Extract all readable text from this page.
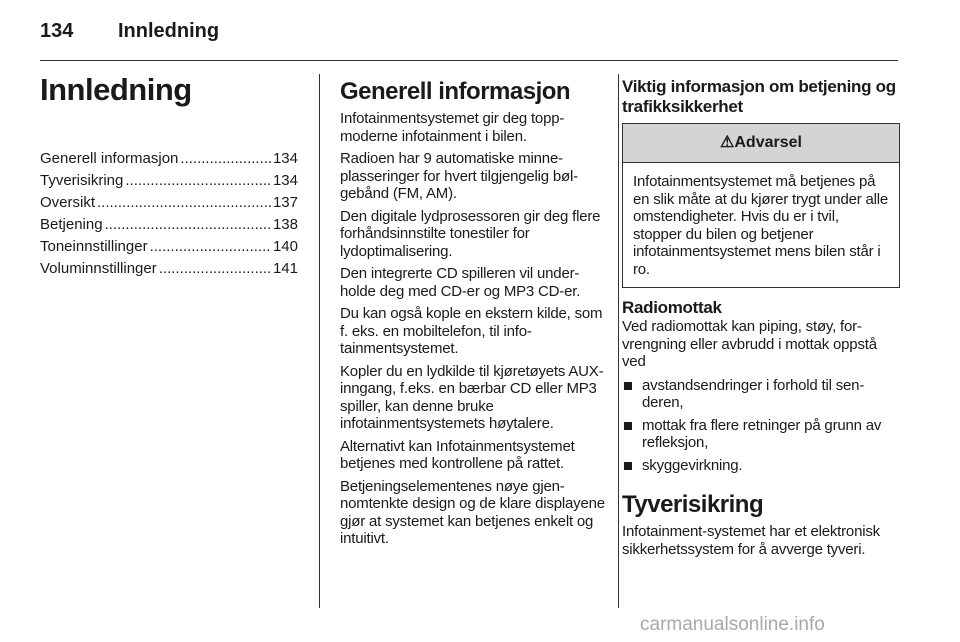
134 Innledning
Innledning
Generell informasjon .....	134
Tyverisikring .....	134
Oversikt .....	137
Betjening .....	138
Toneinnstillinger .....	140
Voluminnstillinger .....	141
Generell informasjon

Infotainmentsystemet gir deg toppmoderne infotainment i bilen.

Radioen har 9 automatiske minneplasseringer for hvert tilgjengelig bølgebånd (FM, AM).

Den digitale lydprosessoren gir deg flere forhåndsinnstilte tonestiler for lydoptimalisering.

Den integrerte CD spilleren vil underholde deg med CD-er og MP3 CD-er.

Du kan også kople en ekstern kilde, som f. eks. en mobiltelefon, til infotainmentsystemet.

Kopler du en lydkilde til kjøretøyets AUX-inngang, f.eks. en bærbar CD eller MP3 spiller, kan denne bruke infotainmentsystemets høytalere.

Alternativt kan Infotainmentsystemet betjenes med kontrollene på rattet.

Betjeningselementenes nøye gjennomtenkte design og de klare displayene gjør at systemet kan betjenes enkelt og intuitivt.

Viktig informasjon om betjening og trafikksikkerhet
⚠Advarsel
Infotainmentsystemet må betjenes på en slik måte at du kjører trygt under alle omstendigheter. Hvis du er i tvil, stopper du bilen og betjener infotainmentsystemet mens bilen står i ro.
Radiomottak

Ved radiomottak kan piping, støy, forvrengning eller avbrudd i mottak oppstå ved

avstandsendringer i forhold til senderen,
mottak fra flere retninger på grunn av refleksjon,
skyggevirkning.
Tyverisikring

Infotainment-systemet har et elektronisk sikkerhetssystem for å avverge tyveri.

carmanualsonline.info
